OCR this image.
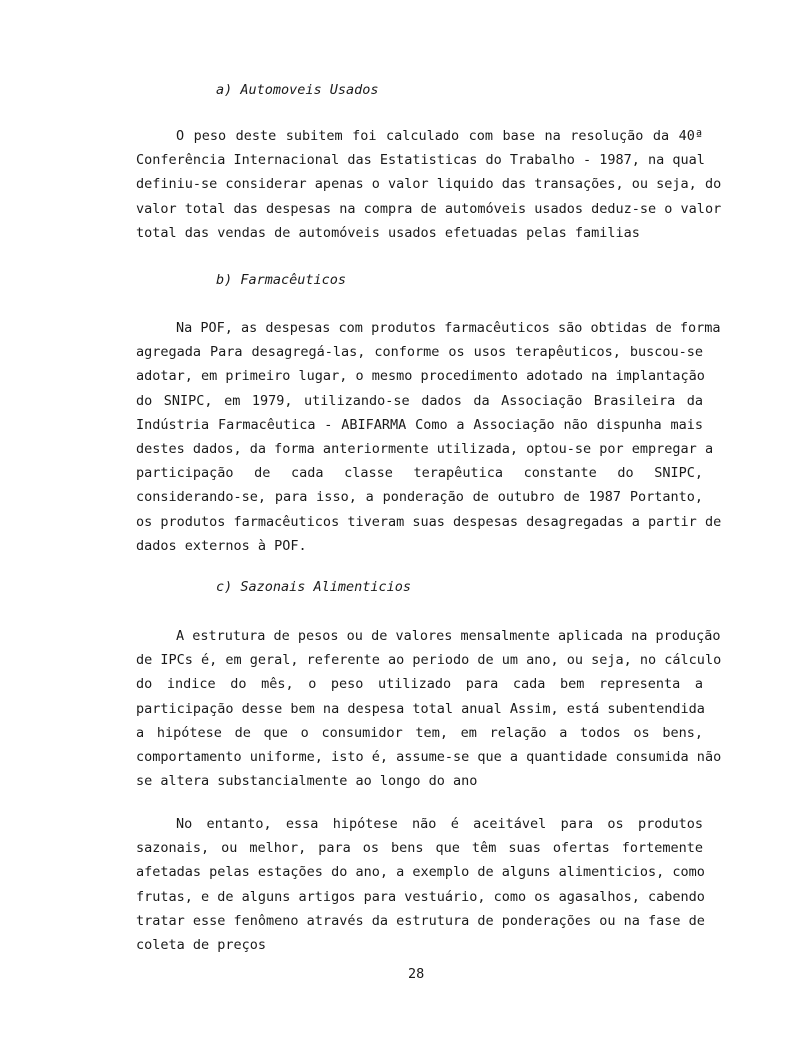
a) Automoveis Usados
O peso deste subitem foi calculado com base na resolução da 40ª
Conferência Internacional das Estatisticas do Trabalho - 1987, na qual
definiu-se considerar apenas o valor liquido das transações, ou seja, do
valor total das despesas na compra de automóveis usados deduz-se o valor
total das vendas de automóveis usados efetuadas pelas familias
b) Farmacêuticos
Na POF, as despesas com produtos farmacêuticos são obtidas de forma
agregada Para desagregá-las, conforme os usos terapêuticos, buscou-se
adotar, em primeiro lugar, o mesmo procedimento adotado na implantação
do SNIPC, em 1979, utilizando-se dados da Associação Brasileira da
Indústria Farmacêutica - ABIFARMA Como a Associação não dispunha mais
destes dados, da forma anteriormente utilizada, optou-se por empregar a
participação de cada classe terapêutica constante do SNIPC,
considerando-se, para isso, a ponderação de outubro de 1987 Portanto,
os produtos farmacêuticos tiveram suas despesas desagregadas a partir de
dados externos à POF.
c) Sazonais Alimenticios
A estrutura de pesos ou de valores mensalmente aplicada na produção
de IPCs é, em geral, referente ao periodo de um ano, ou seja, no cálculo
do indice do mês, o peso utilizado para cada bem representa a
participação desse bem na despesa total anual Assim, está subentendida
a hipótese de que o consumidor tem, em relação a todos os bens,
comportamento uniforme, isto é, assume-se que a quantidade consumida não
se altera substancialmente ao longo do ano
No entanto, essa hipótese não é aceitável para os produtos
sazonais, ou melhor, para os bens que têm suas ofertas fortemente
afetadas pelas estações do ano, a exemplo de alguns alimenticios, como
frutas, e de alguns artigos para vestuário, como os agasalhos, cabendo
tratar esse fenômeno através da estrutura de ponderações ou na fase de
coleta de preços
28
